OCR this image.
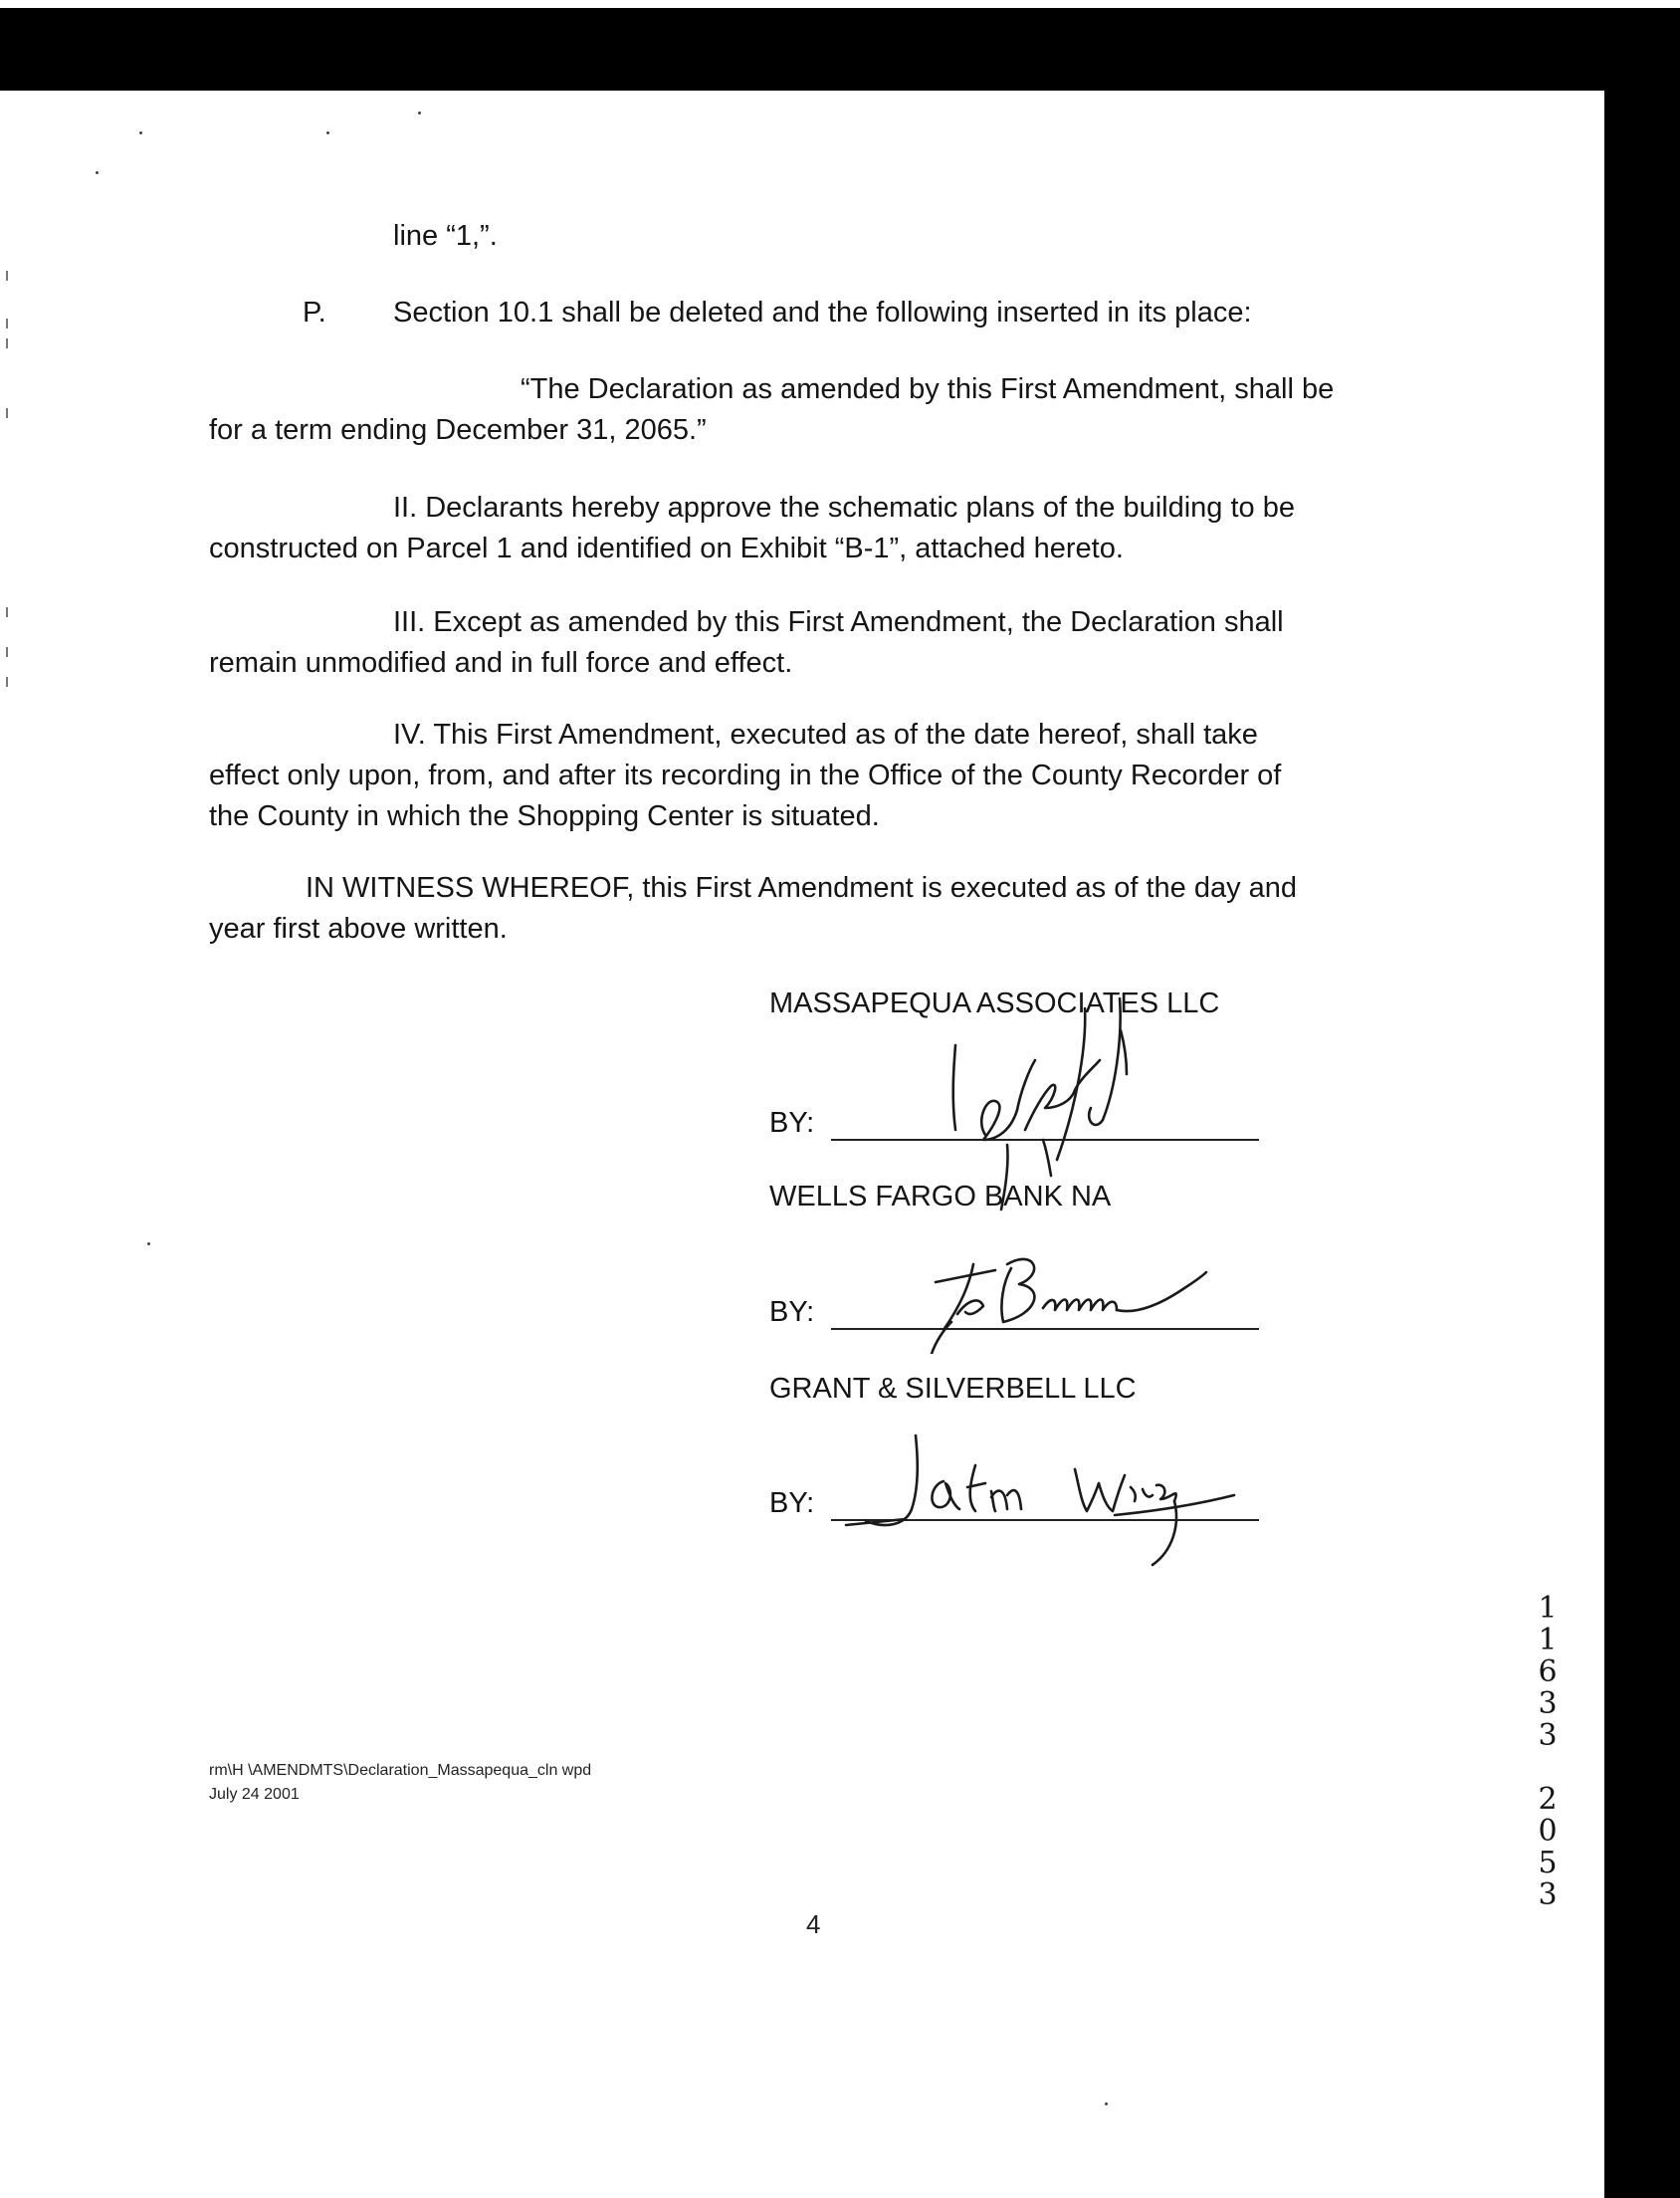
line “1,”.
P. Section 10.1 shall be deleted and the following inserted in its place:
“The Declaration as amended by this First Amendment, shall be
for a term ending December 31, 2065.”
II. Declarants hereby approve the schematic plans of the building to be
constructed on Parcel 1 and identified on Exhibit “B-1”, attached hereto.
III. Except as amended by this First Amendment, the Declaration shall
remain unmodified and in full force and effect.
IV. This First Amendment, executed as of the date hereof, shall take
effect only upon, from, and after its recording in the Office of the County Recorder of
the County in which the Shopping Center is situated.
IN WITNESS WHEREOF, this First Amendment is executed as of the day and
year first above written.
MASSAPEQUA ASSOCIATES LLC
BY:
WELLS FARGO BANK NA
BY:
GRANT & SILVERBELL LLC
BY:
rm\H \AMENDMTS\Declaration_Massapequa_cln wpd
July 24 2001
4
1
1
6
3
3
2
0
5
3
